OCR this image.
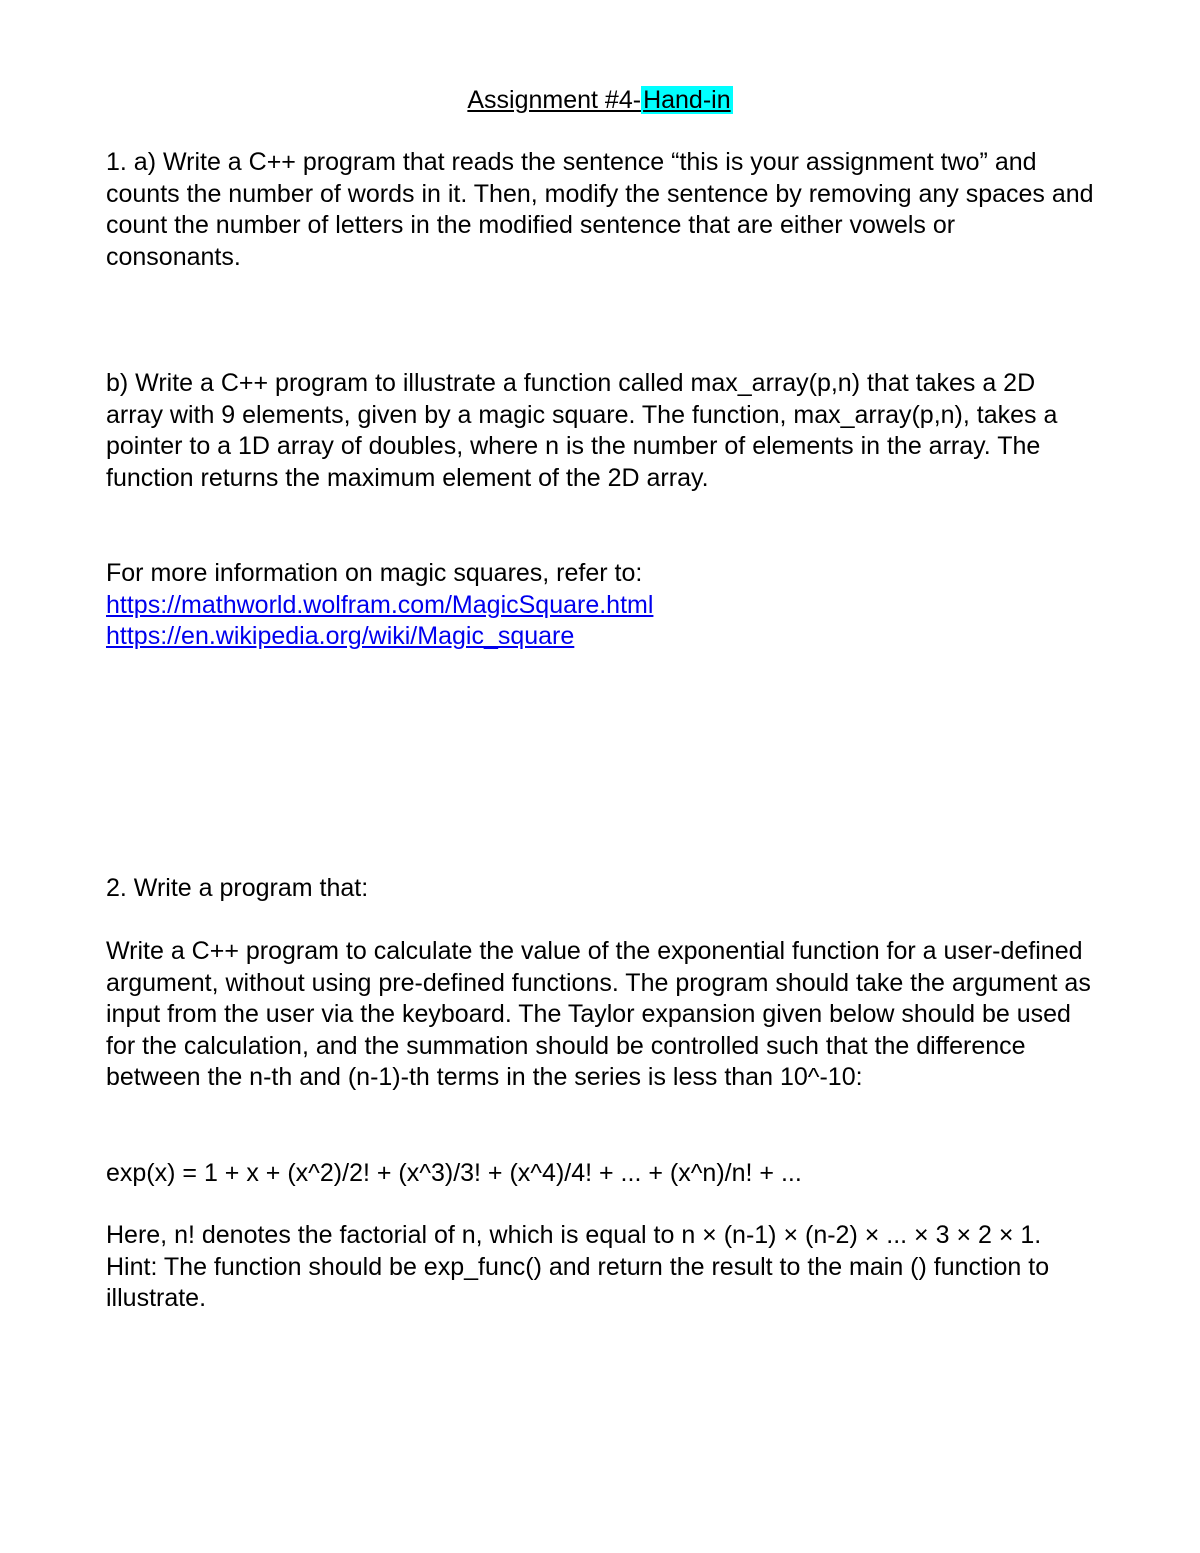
Assignment #4-Hand-in

1. a) Write a C++ program that reads the sentence “this is your assignment two” and counts the number of words in it. Then, modify the sentence by removing any spaces and count the number of letters in the modified sentence that are either vowels or consonants.

b) Write a C++ program to illustrate a function called max_array(p,n) that takes a 2D array with 9 elements, given by a magic square. The function, max_array(p,n), takes a pointer to a 1D array of doubles, where n is the number of elements in the array. The function returns the maximum element of the 2D array.

For more information on magic squares, refer to:
https://mathworld.wolfram.com/MagicSquare.html
https://en.wikipedia.org/wiki/Magic_square

2. Write a program that:

Write a C++ program to calculate the value of the exponential function for a user-defined argument, without using pre-defined functions. The program should take the argument as input from the user via the keyboard. The Taylor expansion given below should be used for the calculation, and the summation should be controlled such that the difference between the n-th and (n-1)-th terms in the series is less than 10^-10:

exp(x) = 1 + x + (x^2)/2! + (x^3)/3! + (x^4)/4! + ... + (x^n)/n! + ...

Here, n! denotes the factorial of n, which is equal to n × (n-1) × (n-2) × ... × 3 × 2 × 1. Hint: The function should be exp_func() and return the result to the main () function to illustrate.
